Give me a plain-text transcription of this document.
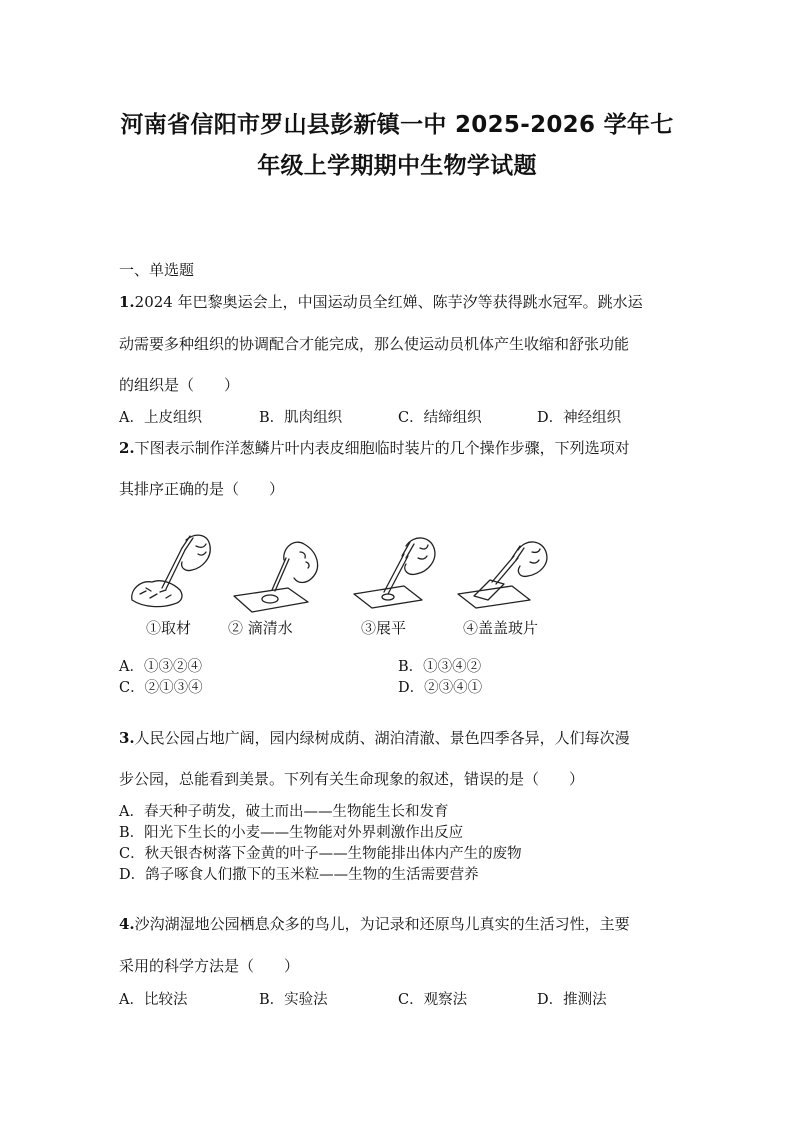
河南省信阳市罗山县彭新镇一中 2025-2026 学年七
年级上学期期中生物学试题
一、单选题
1.2024 年巴黎奥运会上，中国运动员全红婵、陈芋汐等获得跳水冠军。跳水运
动需要多种组织的协调配合才能完成，那么使运动员机体产生收缩和舒张功能
的组织是（　　）
A．上皮组织	B．肌肉组织	C．结缔组织	D．神经组织
2.下图表示制作洋葱鳞片叶内表皮细胞临时装片的几个操作步骤，下列选项对
其排序正确的是（　　）
①取材 ② 滴清水	③展平	④盖盖玻片
A．①③②④	B．①③④②
C．②①③④	D．②③④①
3.人民公园占地广阔，园内绿树成荫、湖泊清澈、景色四季各异，人们每次漫
步公园，总能看到美景。下列有关生命现象的叙述，错误的是（　　）
A．春天种子萌发，破土而出——生物能生长和发育
B．阳光下生长的小麦——生物能对外界刺激作出反应
C．秋天银杏树落下金黄的叶子——生物能排出体内产生的废物
D．鸽子啄食人们撒下的玉米粒——生物的生活需要营养
4.沙沟湖湿地公园栖息众多的鸟儿，为记录和还原鸟儿真实的生活习性，主要
采用的科学方法是（　　）
A．比较法	B．实验法	C．观察法	D．推测法
